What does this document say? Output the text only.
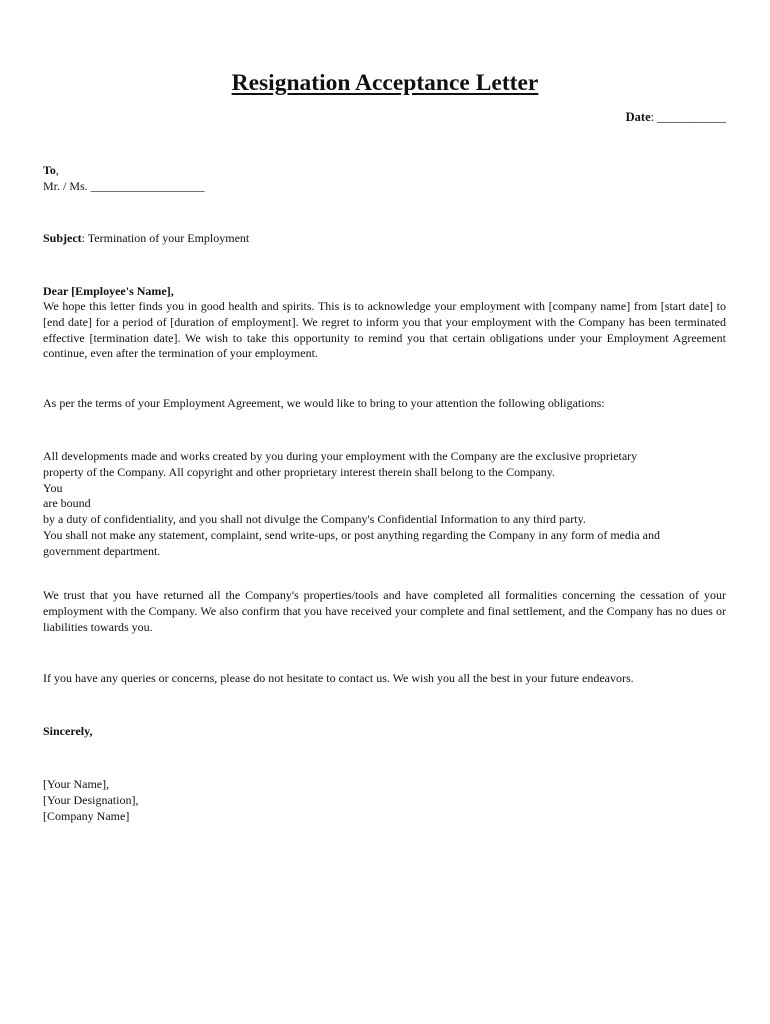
Resignation Acceptance Letter
Date: ___________
To,
Mr. / Ms. ___________________
Subject: Termination of your Employment
Dear [Employee's Name],
We hope this letter finds you in good health and spirits. This is to acknowledge your employment with [company name] from [start date] to [end date] for a period of [duration of employment]. We regret to inform you that your employment with the Company has been terminated effective [termination date]. We wish to take this opportunity to remind you that certain obligations under your Employment Agreement continue, even after the termination of your employment.
As per the terms of your Employment Agreement, we would like to bring to your attention the following obligations:
All developments made and works created by you during your employment with the Company are the exclusive proprietary
property of the Company. All copyright and other proprietary interest therein shall belong to the Company.
You
are bound
by a duty of confidentiality, and you shall not divulge the Company's Confidential Information to any third party.
You shall not make any statement, complaint, send write-ups, or post anything regarding the Company in any form of media and
government department.
We trust that you have returned all the Company's properties/tools and have completed all formalities concerning the cessation of your employment with the Company. We also confirm that you have received your complete and final settlement, and the Company has no dues or liabilities towards you.
If you have any queries or concerns, please do not hesitate to contact us. We wish you all the best in your future endeavors.
Sincerely,
[Your Name],
[Your Designation],
[Company Name]
